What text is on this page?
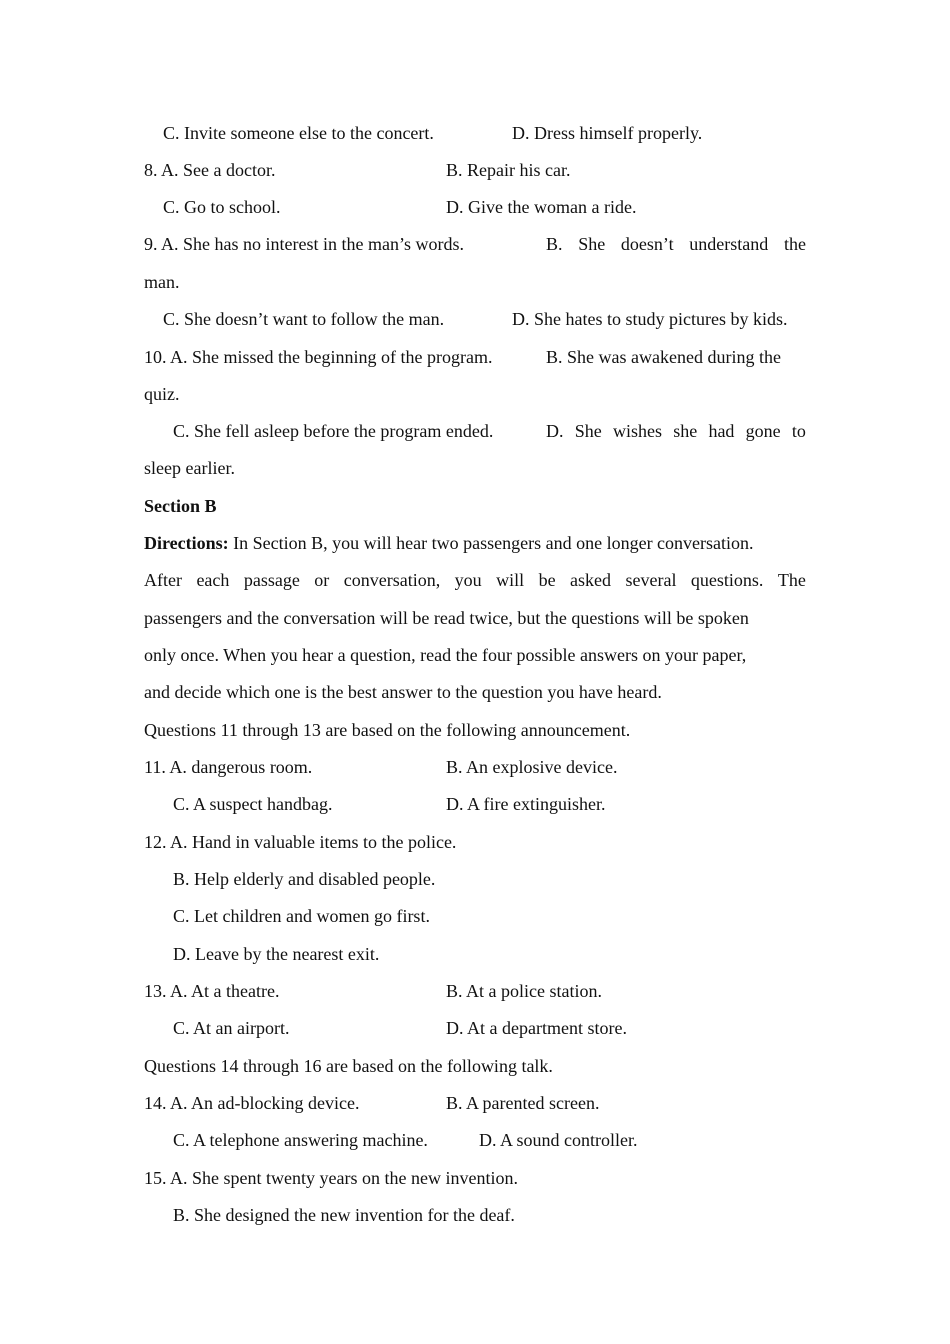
C. Invite someone else to the concert.	D. Dress himself properly.
8. A. See a doctor.	B. Repair his car.
C. Go to school.	D. Give the woman a ride.
9. A. She has no interest in the man’s words.	B. She doesn’t understand the
man.
C. She doesn’t want to follow the man.	D. She hates to study pictures by kids.
10. A. She missed the beginning of the program.	B. She was awakened during the
quiz.
C. She fell asleep before the program ended.	D. She wishes she had gone to
sleep earlier.
Section B
Directions: In Section B, you will hear two passengers and one longer conversation.
After each passage or conversation, you will be asked several questions. The
passengers and the conversation will be read twice, but the questions will be spoken
only once. When you hear a question, read the four possible answers on your paper,
and decide which one is the best answer to the question you have heard.
Questions 11 through 13 are based on the following announcement.
11. A. dangerous room.	B. An explosive device.
C. A suspect handbag.	D. A fire extinguisher.
12. A. Hand in valuable items to the police.
B. Help elderly and disabled people.
C. Let children and women go first.
D. Leave by the nearest exit.
13. A. At a theatre.	B. At a police station.
C. At an airport.	D. At a department store.
Questions 14 through 16 are based on the following talk.
14. A. An ad-blocking device.	B. A parented screen.
C. A telephone answering machine.	D. A sound controller.
15. A. She spent twenty years on the new invention.
B. She designed the new invention for the deaf.
